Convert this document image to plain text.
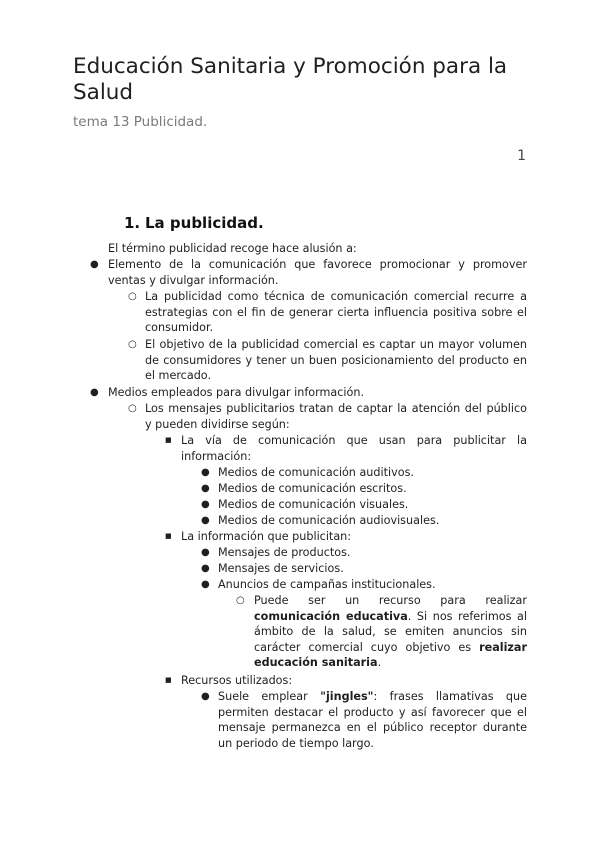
Educación Sanitaria y Promoción para la Salud

tema 13 Publicidad.

1
1. La publicidad.
El término publicidad recoge hace alusión a:
● Elemento de la comunicación que favorece promocionar y promover ventas y divulgar información.
○ La publicidad como técnica de comunicación comercial recurre a estrategias con el fin de generar cierta influencia positiva sobre el consumidor.
○ El objetivo de la publicidad comercial es captar un mayor volumen de consumidores y tener un buen posicionamiento del producto en el mercado.
● Medios empleados para divulgar información.
○ Los mensajes publicitarios tratan de captar la atención del público y pueden dividirse según:
■ La vía de comunicación que usan para publicitar la información:
● Medios de comunicación auditivos.
● Medios de comunicación escritos.
● Medios de comunicación visuales.
● Medios de comunicación audiovisuales.
■ La información que publicitan:
● Mensajes de productos.
● Mensajes de servicios.
● Anuncios de campañas institucionales.
○ Puede ser un recurso para realizar comunicación educativa. Si nos referimos al ámbito de la salud, se emiten anuncios sin carácter comercial cuyo objetivo es realizar educación sanitaria.
■ Recursos utilizados:
● Suele emplear "jingles": frases llamativas que permiten destacar el producto y así favorecer que el mensaje permanezca en el público receptor durante un periodo de tiempo largo.
